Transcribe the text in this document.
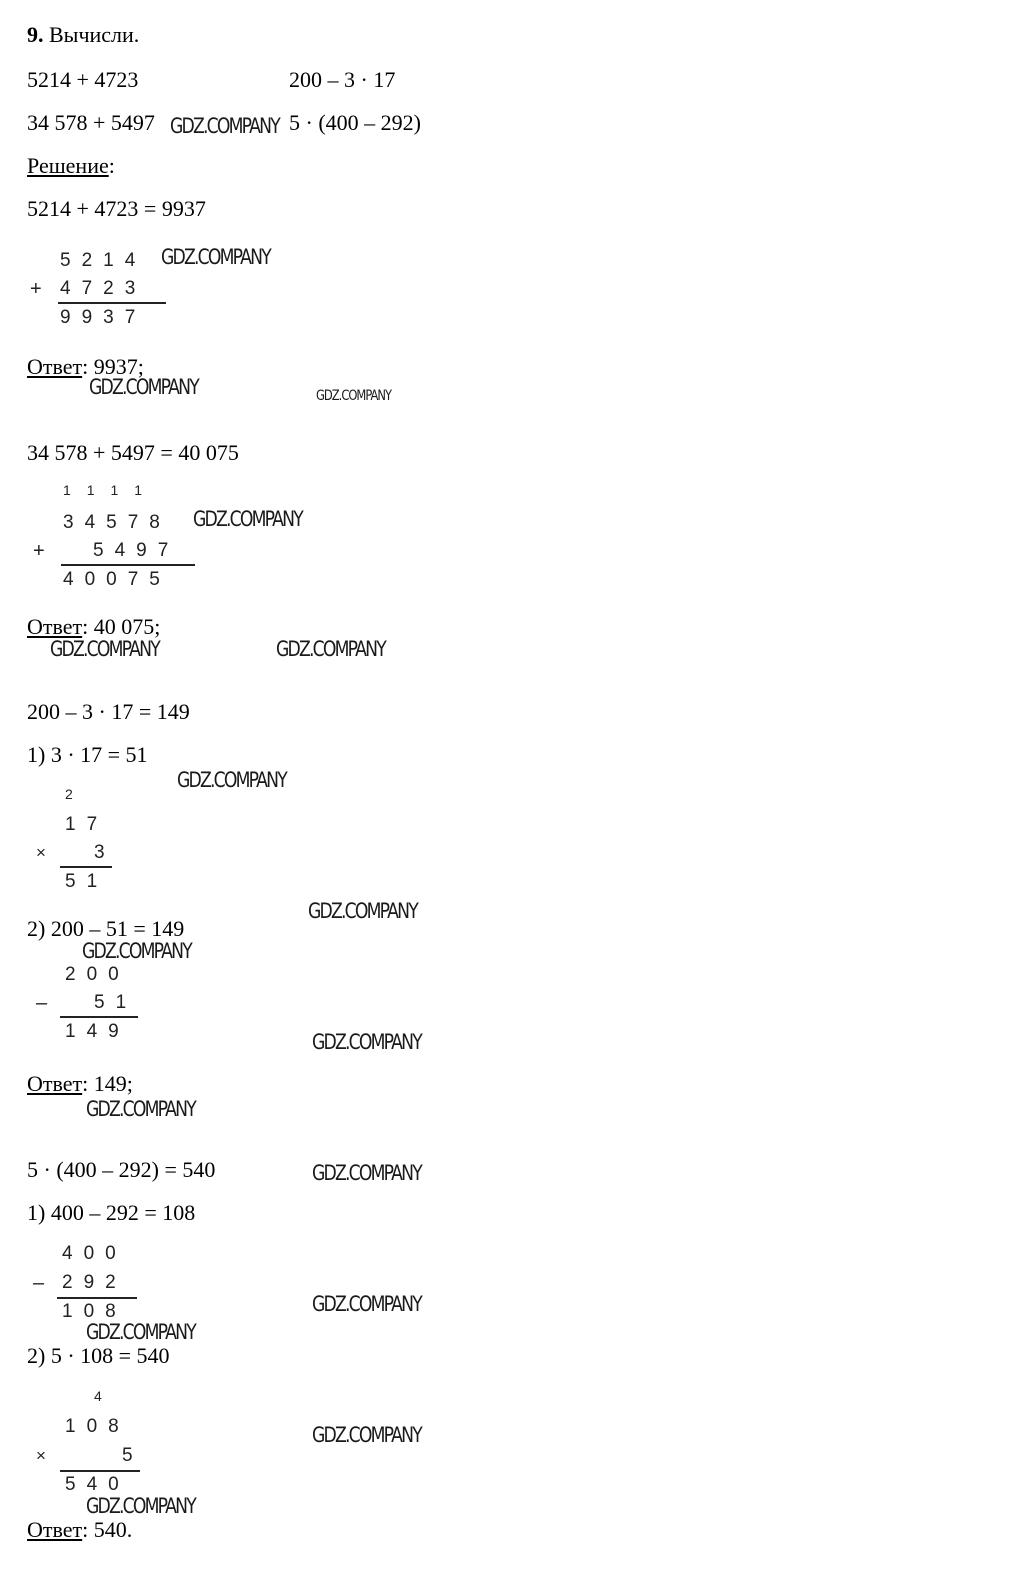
9. Вычисли.
5214 + 4723	200 – 3 · 17
34 578 + 5497	5 · (400 – 292)
Решение:
5214 + 4723 = 9937
5214
+ 4723
9937
Ответ: 9937;
34 578 + 5497 = 40 075
1111
34578
+	5497
40075
Ответ: 40 075;
200 – 3 · 17 = 149
1) 3 · 17 = 51
2
17
×	3
51
2) 200 – 51 = 149
200
– 51
149
Ответ: 149;
5 · (400 – 292) = 540
1) 400 – 292 = 108
400
– 292
108
2) 5 · 108 = 540
4
108
×	5
540
Ответ: 540.
GDZ.COMPANY
GDZ.COMPANY
GDZ.COMPANY	GDZ.COMPANY
GDZ.COMPANY
GDZ.COMPANY	GDZ.COMPANY
GDZ.COMPANY
GDZ.COMPANY
GDZ.COMPANY
GDZ.COMPANY
GDZ.COMPANY
GDZ.COMPANY
GDZ.COMPANY
GDZ.COMPANY
GDZ.COMPANY
GDZ.COMPANY
